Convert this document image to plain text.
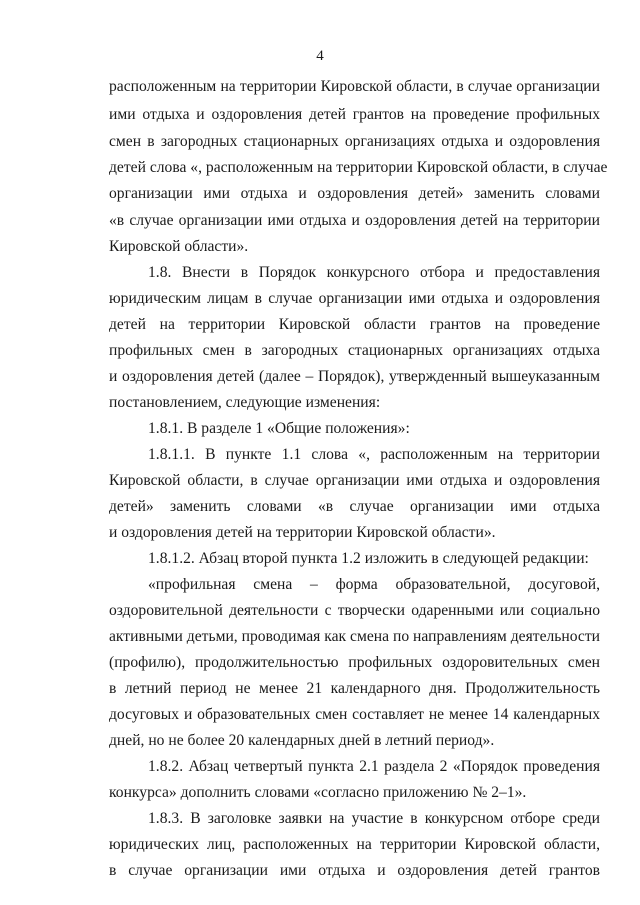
4
расположенным на территории Кировской области, в случае организации
ими отдыха и оздоровления детей грантов на проведение профильных
смен в загородных стационарных организациях отдыха и оздоровления
детей слова «, расположенным на территории Кировской области, в случае
организации ими отдыха и оздоровления детей» заменить словами
«в случае организации ими отдыха и оздоровления детей на территории
Кировской области».
1.8. Внести в Порядок конкурсного отбора и предоставления
юридическим лицам в случае организации ими отдыха и оздоровления
детей на территории Кировской области грантов на проведение
профильных смен в загородных стационарных организациях отдыха
и оздоровления детей (далее – Порядок), утвержденный вышеуказанным
постановлением, следующие изменения:
1.8.1. В разделе 1 «Общие положения»:
1.8.1.1. В пункте 1.1 слова «, расположенным на территории
Кировской области, в случае организации ими отдыха и оздоровления
детей» заменить словами «в случае организации ими отдыха
и оздоровления детей на территории Кировской области».
1.8.1.2. Абзац второй пункта 1.2 изложить в следующей редакции:
«профильная смена – форма образовательной, досуговой,
оздоровительной деятельности с творчески одаренными или социально
активными детьми, проводимая как смена по направлениям деятельности
(профилю), продолжительностью профильных оздоровительных смен
в летний период не менее 21 календарного дня. Продолжительность
досуговых и образовательных смен составляет не менее 14 календарных
дней, но не более 20 календарных дней в летний период».
1.8.2. Абзац четвертый пункта 2.1 раздела 2 «Порядок проведения
конкурса» дополнить словами «согласно приложению № 2–1».
1.8.3. В заголовке заявки на участие в конкурсном отборе среди
юридических лиц, расположенных на территории Кировской области,
в случае организации ими отдыха и оздоровления детей грантов
